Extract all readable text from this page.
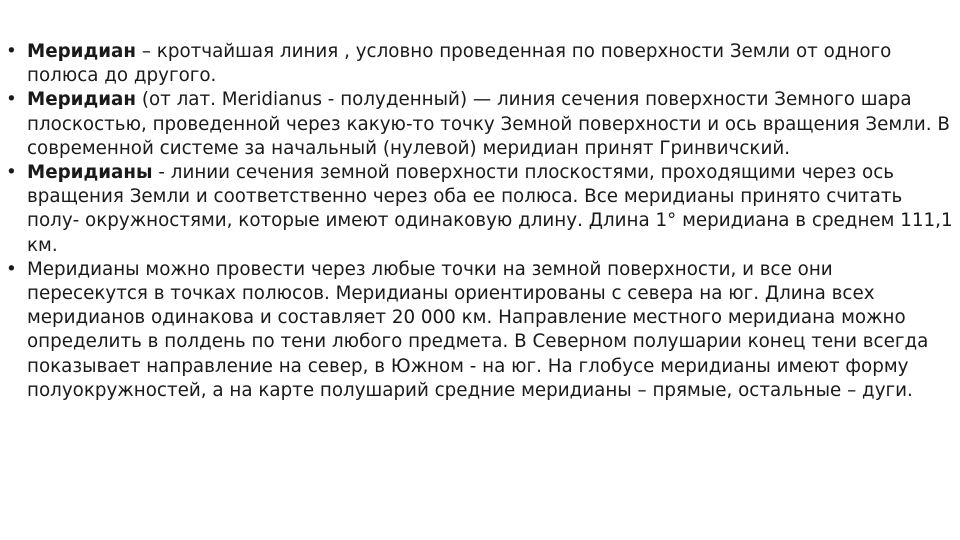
• Меридиан – кротчайшая линия , условно проведенная по поверхности Земли от одного полюса до другого.
• Меридиан (от лат. Meridianus - полуденный) — линия сечения поверхности Земного шара плоскостью, проведенной через какую-то точку Земной поверхности и ось вращения Земли. В современной системе за начальный (нулевой) меридиан принят Гринвичский.
• Меридианы - линии сечения земной поверхности плоскостями, проходящими через ось вращения Земли и соответственно через оба ее полюса. Все меридианы принято считать полу- окружностями, которые имеют одинаковую длину. Длина 1° меридиана в среднем 111,1 км.
• Меридианы можно провести через любые точки на земной поверхности, и все они пересекутся в точках полюсов. Меридианы ориентированы с севера на юг. Длина всех меридианов одинакова и составляет 20 000 км. Направление местного меридиана можно определить в полдень по тени любого предмета. В Северном полушарии конец тени всегда показывает направление на север, в Южном - на юг. На глобусе меридианы имеют форму полуокружностей, а на карте полушарий средние меридианы – прямые, остальные – дуги.
